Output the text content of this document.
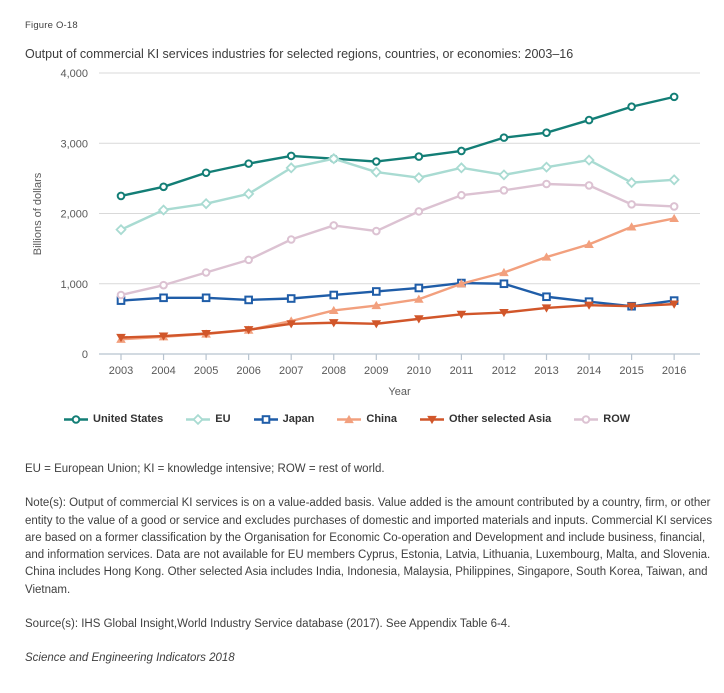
Figure O-18
Output of commercial KI services industries for selected regions, countries, or economies: 2003–16
0
1,000
2,000
3,000
4,000
2003 2004 2005 2006 2007 2008 2009 2010 2011 2012 2013 2014 2015 2016
Year
Billions of dollars
United States	EU	Japan	China	Other selected Asia	ROW

EU = European Union; KI = knowledge intensive; ROW = rest of world.

Note(s): Output of commercial KI services is on a value-added basis. Value added is the amount contributed by a country, firm, or other entity to the value of a good or service and excludes purchases of domestic and imported materials and inputs. Commercial KI services are based on a former classification by the Organisation for Economic Co-operation and Development and include business, financial, and information services. Data are not available for EU members Cyprus, Estonia, Latvia, Lithuania, Luxembourg, Malta, and Slovenia. China includes Hong Kong. Other selected Asia includes India, Indonesia, Malaysia, Philippines, Singapore, South Korea, Taiwan, and Vietnam.

Source(s): IHS Global Insight,World Industry Service database (2017). See Appendix Table 6-4.

Science and Engineering Indicators 2018
